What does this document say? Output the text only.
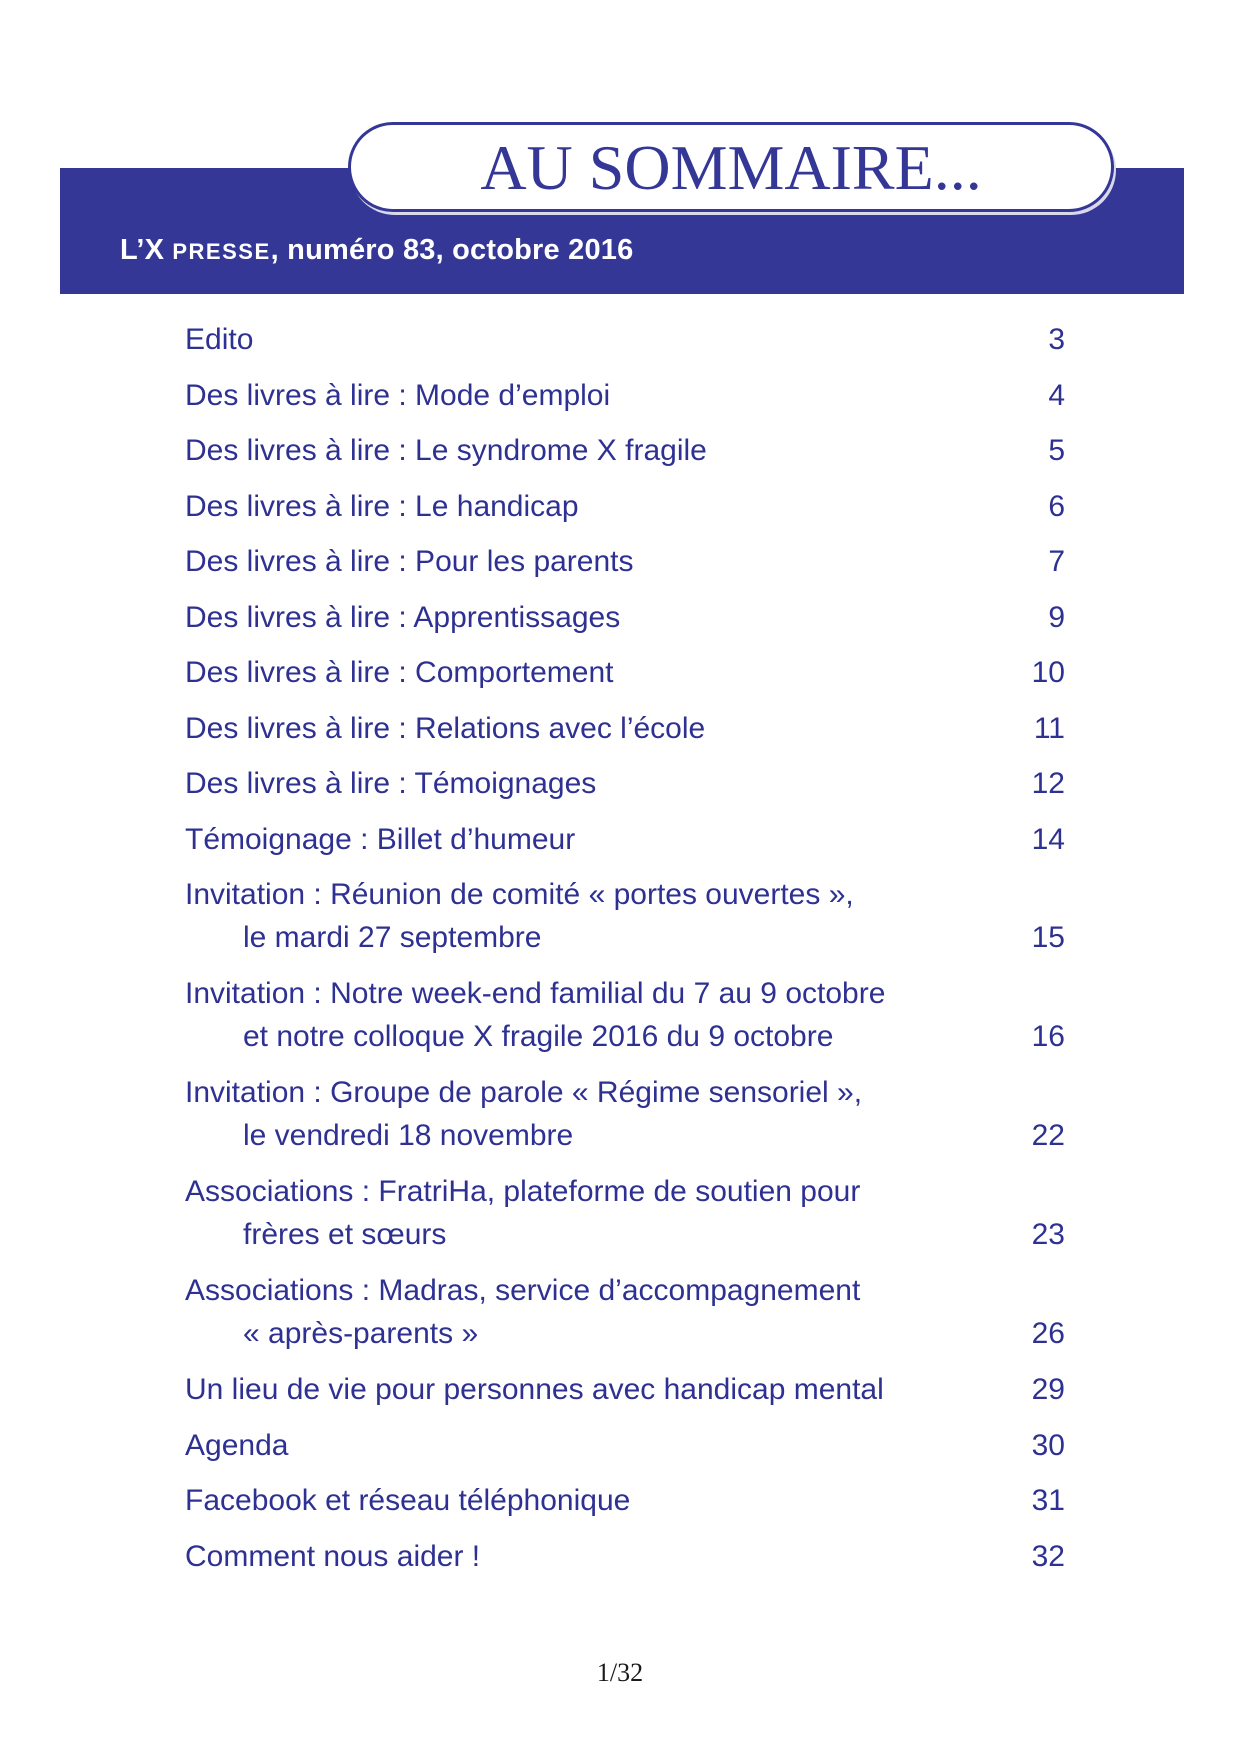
L’X PRESSE, numéro 83, octobre 2016
AU SOMMAIRE...
Edito	3
Des livres à lire : Mode d’emploi	4
Des livres à lire : Le syndrome X fragile	5
Des livres à lire : Le handicap	6
Des livres à lire : Pour les parents	7
Des livres à lire : Apprentissages	9
Des livres à lire : Comportement	10
Des livres à lire : Relations avec l’école	11
Des livres à lire : Témoignages	12
Témoignage : Billet d’humeur	14
Invitation : Réunion de comité « portes ouvertes »,
le mardi 27 septembre	15
Invitation : Notre week-end familial du 7 au 9 octobre
et notre colloque X fragile 2016 du 9 octobre	16
Invitation : Groupe de parole « Régime sensoriel »,
le vendredi 18 novembre	22
Associations : FratriHa, plateforme de soutien pour
frères et sœurs	23
Associations : Madras, service d’accompagnement
« après-parents »	26
Un lieu de vie pour personnes avec handicap mental	29
Agenda	30
Facebook et réseau téléphonique	31
Comment nous aider !	32
1/32
